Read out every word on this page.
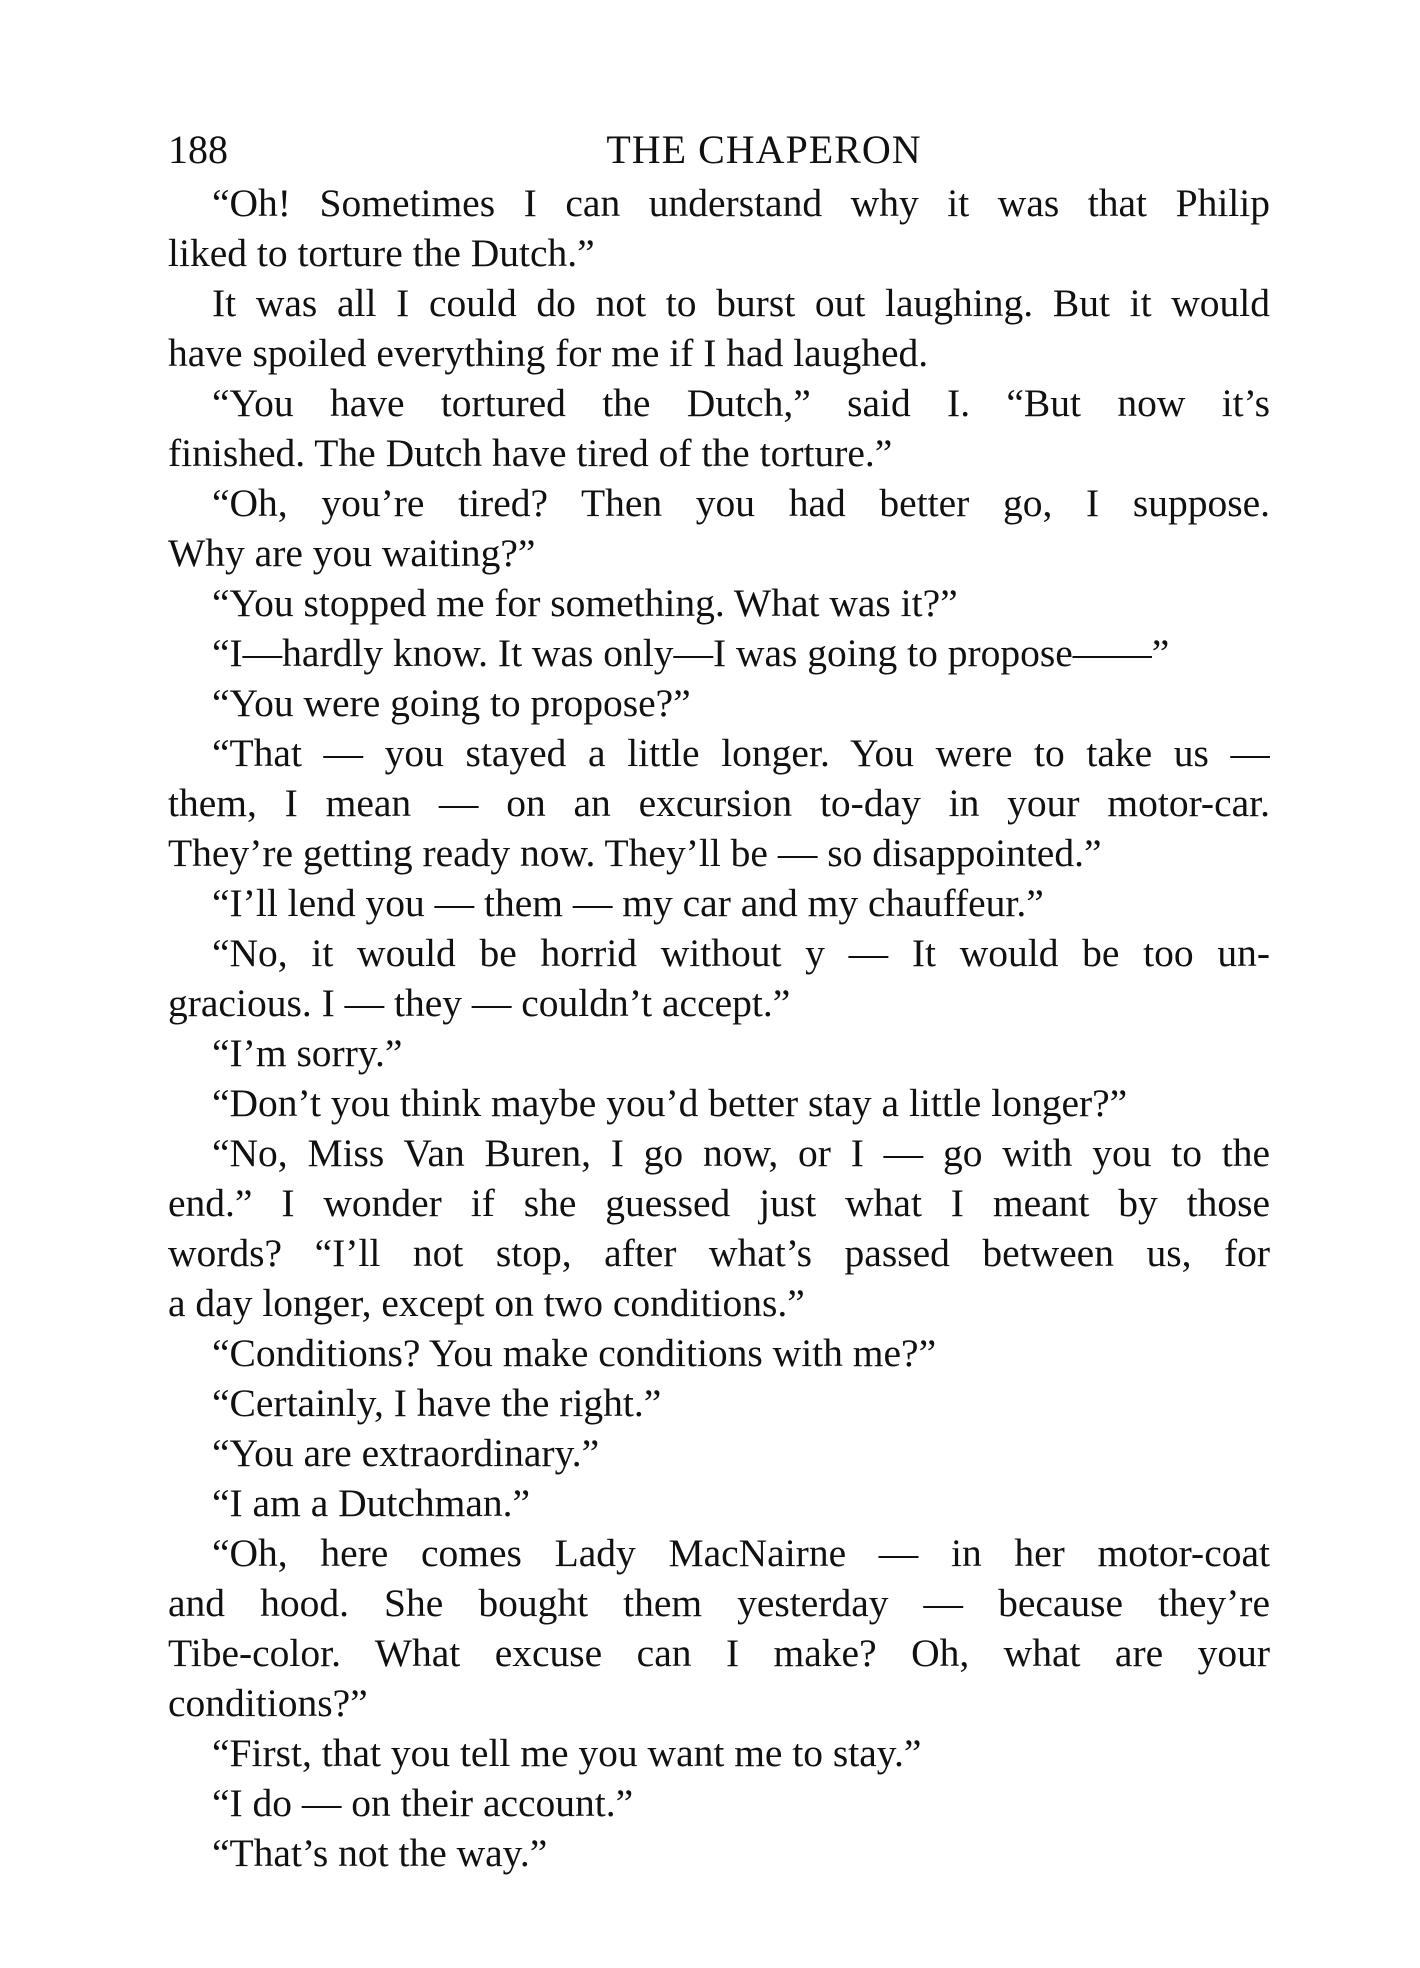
188	THE CHAPERON
“Oh! Sometimes I can understand why it was that Philip
liked to torture the Dutch.”
It was all I could do not to burst out laughing. But it would
have spoiled everything for me if I had laughed.
“You have tortured the Dutch,” said I. “But now it’s
finished. The Dutch have tired of the torture.”
“Oh, you’re tired? Then you had better go, I suppose.
Why are you waiting?”
“You stopped me for something. What was it?”
“I—hardly know. It was only—I was going to propose——”
“You were going to propose?”
“That — you stayed a little longer. You were to take us —
them, I mean — on an excursion to-day in your motor-car.
They’re getting ready now. They’ll be — so disappointed.”
“I’ll lend you — them — my car and my chauffeur.”
“No, it would be horrid without y — It would be too un-
gracious. I — they — couldn’t accept.”
“I’m sorry.”
“Don’t you think maybe you’d better stay a little longer?”
“No, Miss Van Buren, I go now, or I — go with you to the
end.” I wonder if she guessed just what I meant by those
words? “I’ll not stop, after what’s passed between us, for
a day longer, except on two conditions.”
“Conditions? You make conditions with me?”
“Certainly, I have the right.”
“You are extraordinary.”
“I am a Dutchman.”
“Oh, here comes Lady MacNairne — in her motor-coat
and hood. She bought them yesterday — because they’re
Tibe-color. What excuse can I make? Oh, what are your
conditions?”
“First, that you tell me you want me to stay.”
“I do — on their account.”
“That’s not the way.”
